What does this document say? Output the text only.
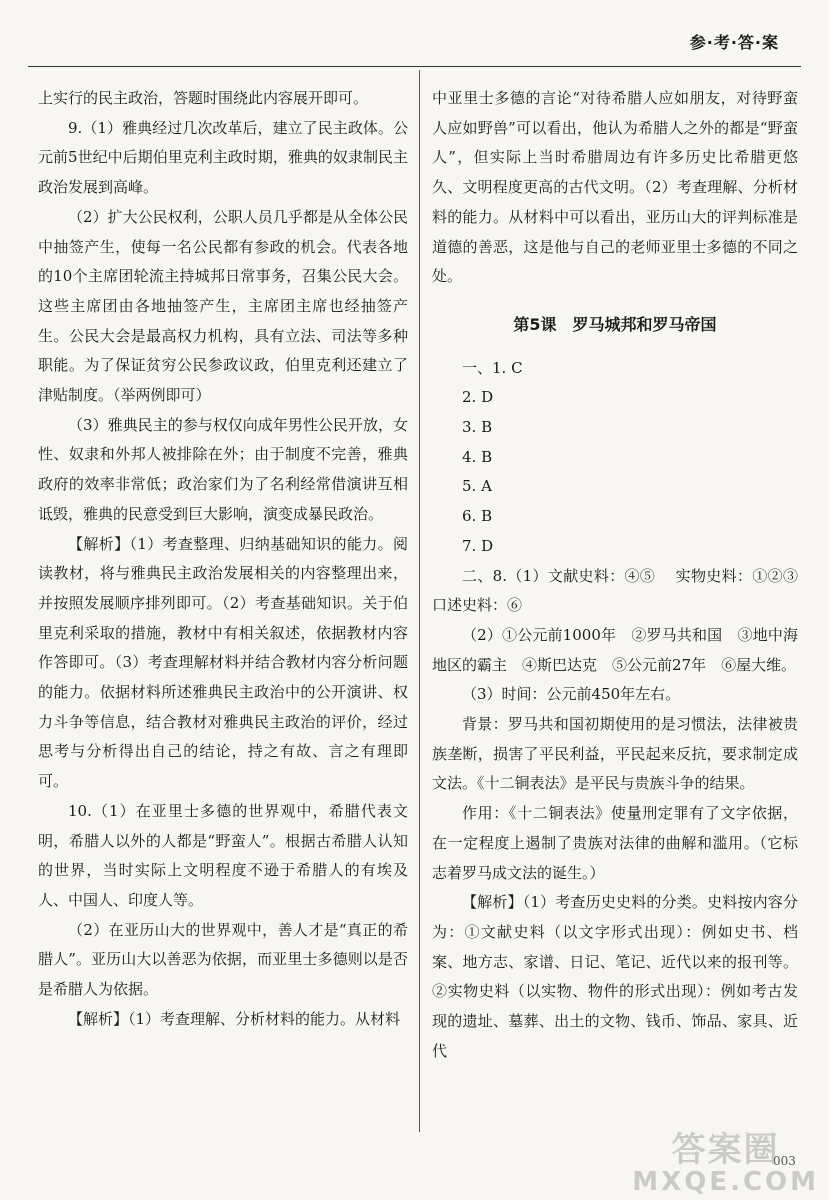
参·考·答·案

上实行的民主政治，答题时围绕此内容展开即可。

9.（1）雅典经过几次改革后，建立了民主政体。公元前5世纪中后期伯里克利主政时期，雅典的奴隶制民主政治发展到高峰。

（2）扩大公民权利，公职人员几乎都是从全体公民中抽签产生，使每一名公民都有参政的机会。代表各地的10个主席团轮流主持城邦日常事务，召集公民大会。这些主席团由各地抽签产生，主席团主席也经抽签产生。公民大会是最高权力机构，具有立法、司法等多种职能。为了保证贫穷公民参政议政，伯里克利还建立了津贴制度。（举两例即可）

（3）雅典民主的参与权仅向成年男性公民开放，女性、奴隶和外邦人被排除在外；由于制度不完善，雅典政府的效率非常低；政治家们为了名利经常借演讲互相诋毁，雅典的民意受到巨大影响，演变成暴民政治。

【解析】（1）考查整理、归纳基础知识的能力。阅读教材，将与雅典民主政治发展相关的内容整理出来，并按照发展顺序排列即可。（2）考查基础知识。关于伯里克利采取的措施，教材中有相关叙述，依据教材内容作答即可。（3）考查理解材料并结合教材内容分析问题的能力。依据材料所述雅典民主政治中的公开演讲、权力斗争等信息，结合教材对雅典民主政治的评价，经过思考与分析得出自己的结论，持之有故、言之有理即可。

10.（1）在亚里士多德的世界观中，希腊代表文明，希腊人以外的人都是“野蛮人”。根据古希腊人认知的世界，当时实际上文明程度不逊于希腊人的有埃及人、中国人、印度人等。

（2）在亚历山大的世界观中，善人才是“真正的希腊人”。亚历山大以善恶为依据，而亚里士多德则以是否是希腊人为依据。

【解析】（1）考查理解、分析材料的能力。从材料

中亚里士多德的言论“对待希腊人应如朋友，对待野蛮人应如野兽”可以看出，他认为希腊人之外的都是“野蛮人”，但实际上当时希腊周边有许多历史比希腊更悠久、文明程度更高的古代文明。（2）考查理解、分析材料的能力。从材料中可以看出，亚历山大的评判标准是道德的善恶，这是他与自己的老师亚里士多德的不同之处。

第5课　罗马城邦和罗马帝国

一、1. C

2. D

3. B

4. B

5. A

6. B

7. D

二、8.（1）文献史料：④⑤　 实物史料：①②③口述史料：⑥

（2）①公元前1000年　②罗马共和国　③地中海地区的霸主　④斯巴达克　⑤公元前27年　⑥屋大维。

（3）时间：公元前450年左右。

背景：罗马共和国初期使用的是习惯法，法律被贵族垄断，损害了平民利益，平民起来反抗，要求制定成文法。《十二铜表法》是平民与贵族斗争的结果。

作用：《十二铜表法》使量刑定罪有了文字依据，在一定程度上遏制了贵族对法律的曲解和滥用。（它标志着罗马成文法的诞生。）

【解析】（1）考查历史史料的分类。史料按内容分为：①文献史料（以文字形式出现）：例如史书、档案、地方志、家谱、日记、笔记、近代以来的报刊等。②实物史料（以实物、物件的形式出现）：例如考古发现的遗址、墓葬、出土的文物、钱币、饰品、家具、近代

003
答案圈
MXQE.COM
